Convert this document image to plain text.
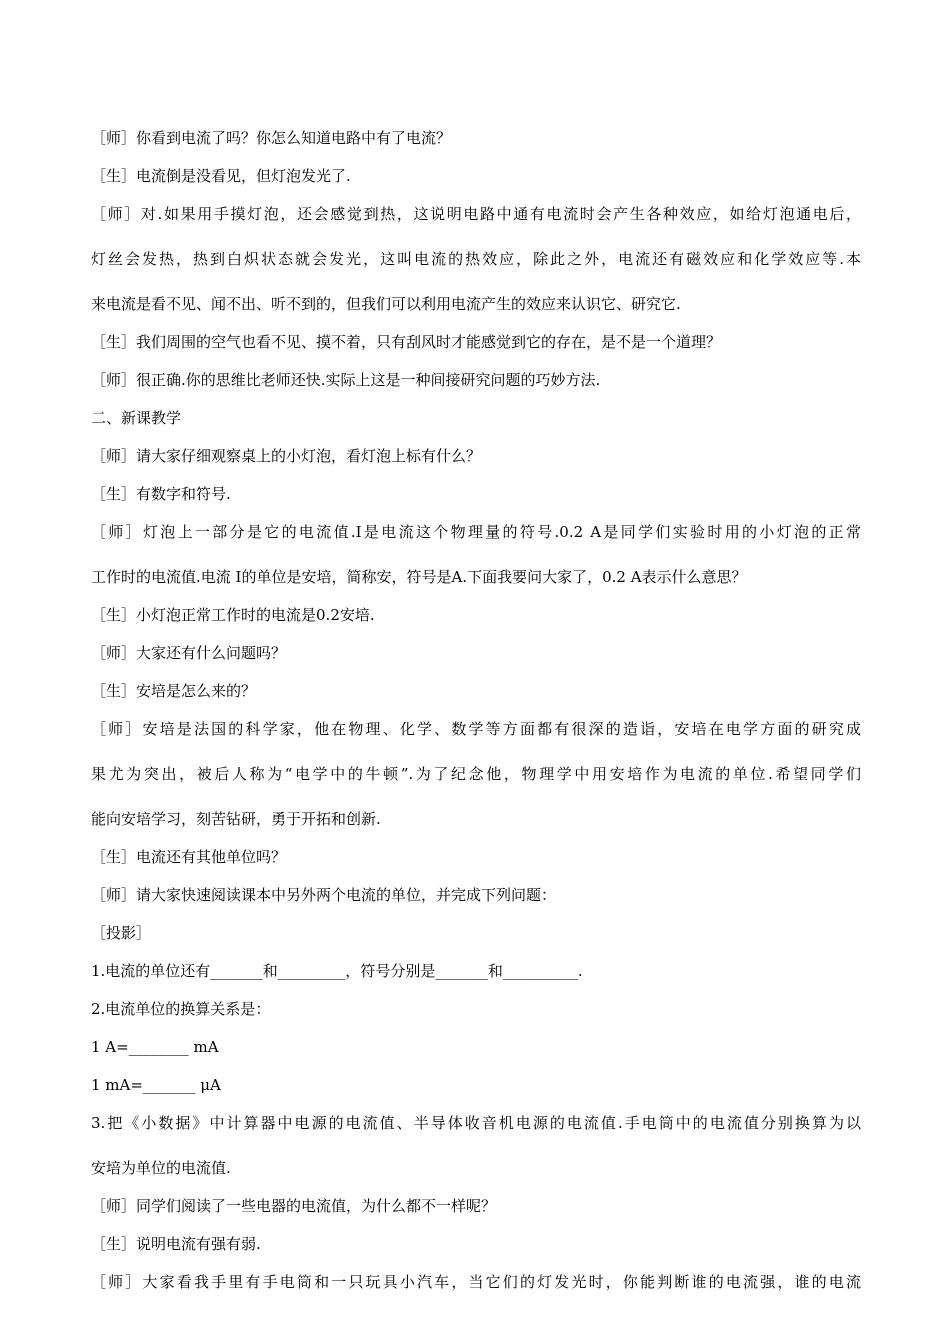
［师］你看到电流了吗？你怎么知道电路中有了电流？
［生］电流倒是没看见，但灯泡发光了.
［师］对.如果用手摸灯泡，还会感觉到热，这说明电路中通有电流时会产生各种效应，如给灯泡通电后，
灯丝会发热，热到白炽状态就会发光，这叫电流的热效应，除此之外，电流还有磁效应和化学效应等.本
来电流是看不见、闻不出、听不到的，但我们可以利用电流产生的效应来认识它、研究它.
［生］我们周围的空气也看不见、摸不着，只有刮风时才能感觉到它的存在，是不是一个道理？
［师］很正确.你的思维比老师还快.实际上这是一种间接研究问题的巧妙方法.
二、新课教学
［师］请大家仔细观察桌上的小灯泡，看灯泡上标有什么？
［生］有数字和符号.
［师］灯泡上一部分是它的电流值.I是电流这个物理量的符号.0.2 A是同学们实验时用的小灯泡的正常
工作时的电流值.电流 I的单位是安培，简称安，符号是A.下面我要问大家了，0.2 A表示什么意思？
［生］小灯泡正常工作时的电流是0.2安培.
［师］大家还有什么问题吗？
［生］安培是怎么来的？
［师］安培是法国的科学家，他在物理、化学、数学等方面都有很深的造诣，安培在电学方面的研究成
果尤为突出，被后人称为“电学中的牛顿”.为了纪念他，物理学中用安培作为电流的单位.希望同学们
能向安培学习，刻苦钻研，勇于开拓和创新.
［生］电流还有其他单位吗？
［师］请大家快速阅读课本中另外两个电流的单位，并完成下列问题：
［投影］
1.电流的单位还有_______和_________，符号分别是_______和__________.
2.电流单位的换算关系是：
1 A=________ mA
1 mA=_______ μA
3.把《小数据》中计算器中电源的电流值、半导体收音机电源的电流值.手电筒中的电流值分别换算为以
安培为单位的电流值.
［师］同学们阅读了一些电器的电流值，为什么都不一样呢？
［生］说明电流有强有弱.
［师］大家看我手里有手电筒和一只玩具小汽车，当它们的灯发光时，你能判断谁的电流强，谁的电流
